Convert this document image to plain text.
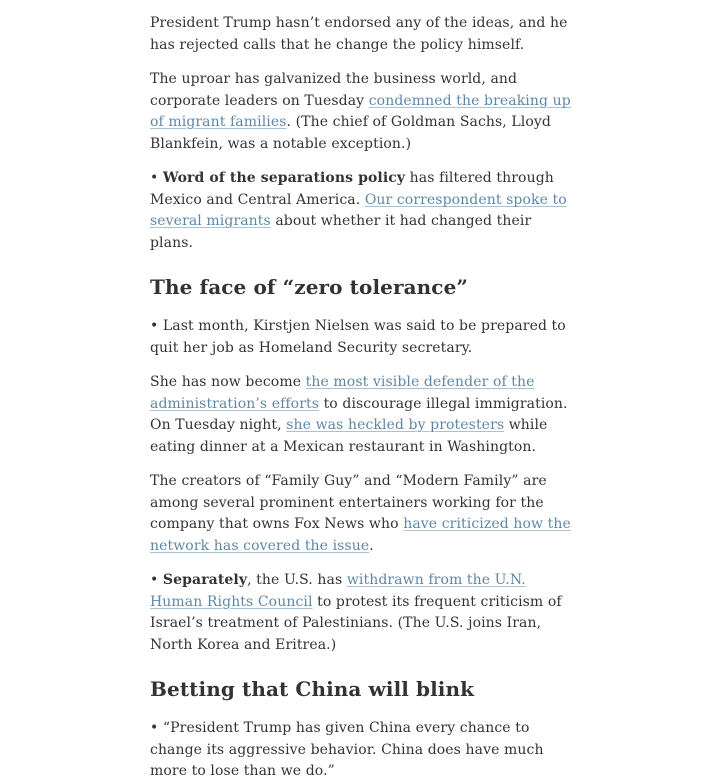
President Trump hasn’t endorsed any of the ideas, and he has rejected calls that he change the policy himself.

The uproar has galvanized the business world, and corporate leaders on Tuesday condemned the breaking up of migrant families. (The chief of Goldman Sachs, Lloyd Blankfein, was a notable exception.)

• Word of the separations policy has filtered through Mexico and Central America. Our correspondent spoke to several migrants about whether it had changed their plans.

The face of “zero tolerance”

• Last month, Kirstjen Nielsen was said to be prepared to quit her job as Homeland Security secretary.

She has now become the most visible defender of the administration’s efforts to discourage illegal immigration. On Tuesday night, she was heckled by protesters while eating dinner at a Mexican restaurant in Washington.

The creators of “Family Guy” and “Modern Family” are among several prominent entertainers working for the company that owns Fox News who have criticized how the network has covered the issue.

• Separately, the U.S. has withdrawn from the U.N. Human Rights Council to protest its frequent criticism of Israel’s treatment of Palestinians. (The U.S. joins Iran, North Korea and Eritrea.)

Betting that China will blink

• “President Trump has given China every chance to change its aggressive behavior. China does have much more to lose than we do.”
